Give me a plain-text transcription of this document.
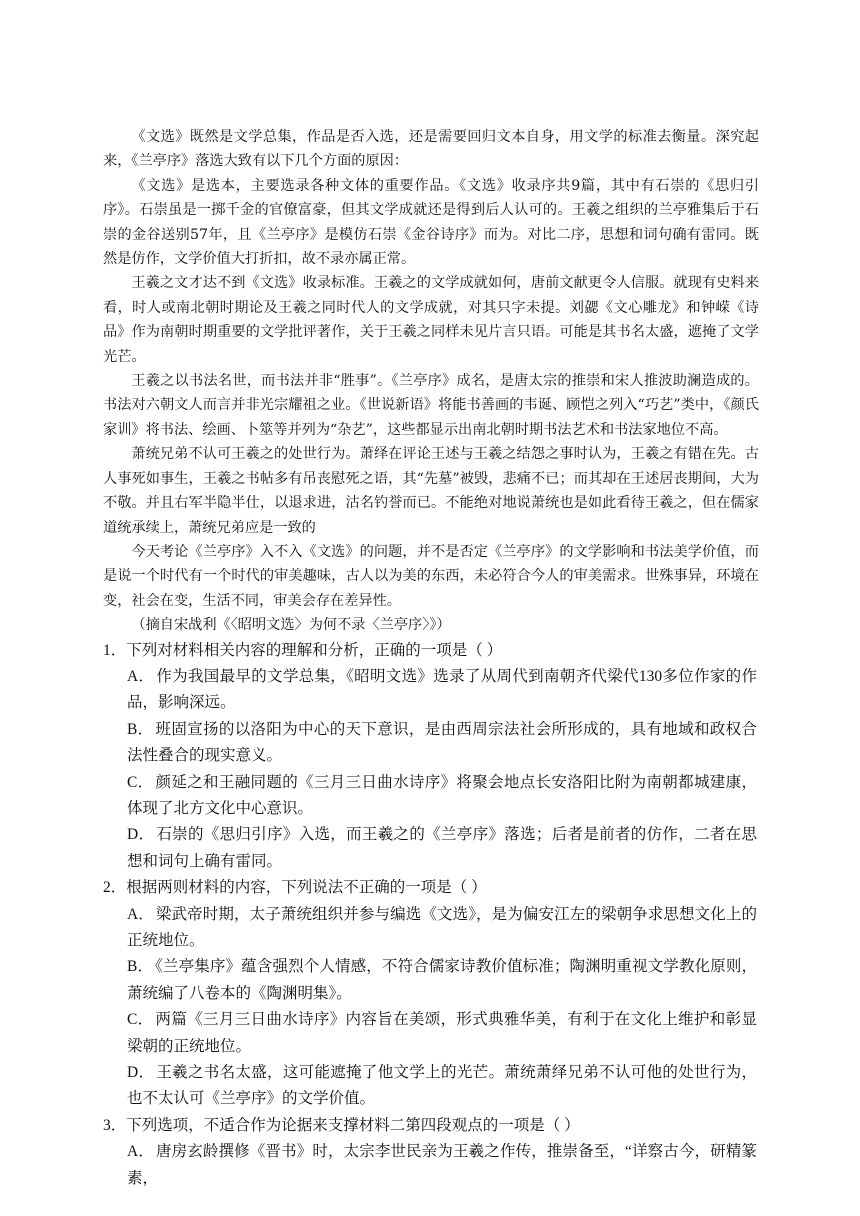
《文选》既然是文学总集，作品是否入选，还是需要回归文本自身，用文学的标准去衡量。深究起来，《兰亭序》落选大致有以下几个方面的原因：

《文选》是选本，主要选录各种文体的重要作品。《文选》收录序共9篇，其中有石崇的《思归引序》。石崇虽是一掷千金的官僚富豪，但其文学成就还是得到后人认可的。王羲之组织的兰亭雅集后于石崇的金谷送别57年，且《兰亭序》是模仿石崇《金谷诗序》而为。对比二序，思想和词句确有雷同。既然是仿作，文学价值大打折扣，故不录亦属正常。

王羲之文才达不到《文选》收录标准。王羲之的文学成就如何，唐前文献更令人信服。就现有史料来看，时人或南北朝时期论及王羲之同时代人的文学成就，对其只字未提。刘勰《文心雕龙》和钟嵘《诗品》作为南朝时期重要的文学批评著作，关于王羲之同样未见片言只语。可能是其书名太盛，遮掩了文学光芒。

王羲之以书法名世，而书法并非“胜事”。《兰亭序》成名，是唐太宗的推崇和宋人推波助澜造成的。书法对六朝文人而言并非光宗耀祖之业。《世说新语》将能书善画的韦诞、顾恺之列入“巧艺”类中，《颜氏家训》将书法、绘画、卜筮等并列为“杂艺”，这些都显示出南北朝时期书法艺术和书法家地位不高。

萧统兄弟不认可王羲之的处世行为。萧绎在评论王述与王羲之结怨之事时认为，王羲之有错在先。古人事死如事生，王羲之书帖多有吊丧慰死之语，其“先墓”被毁，悲痛不已；而其却在王述居丧期间，大为不敬。并且右军半隐半仕，以退求进，沽名钓誉而已。不能绝对地说萧统也是如此看待王羲之，但在儒家道统承续上，萧统兄弟应是一致的

今天考论《兰亭序》入不入《文选》的问题，并不是否定《兰亭序》的文学影响和书法美学价值，而是说一个时代有一个时代的审美趣味，古人以为美的东西，未必符合今人的审美需求。世殊事异，环境在变，社会在变，生活不同，审美会存在差异性。

（摘自宋战利《〈昭明文选〉为何不录〈兰亭序〉》）

1．下列对材料相关内容的理解和分析，正确的一项是（ ）

A． 作为我国最早的文学总集，《昭明文选》选录了从周代到南朝齐代梁代130多位作家的作品，影响深远。

B． 班固宣扬的以洛阳为中心的天下意识，是由西周宗法社会所形成的，具有地域和政权合法性叠合的现实意义。

C． 颜延之和王融同题的《三月三日曲水诗序》将聚会地点长安洛阳比附为南朝都城建康，体现了北方文化中心意识。

D． 石崇的《思归引序》入选，而王羲之的《兰亭序》落选；后者是前者的仿作，二者在思想和词句上确有雷同。

2．根据两则材料的内容，下列说法不正确的一项是（ ）

A． 梁武帝时期，太子萧统组织并参与编选《文选》，是为偏安江左的梁朝争求思想文化上的正统地位。

B． 《兰亭集序》蕴含强烈个人情感，不符合儒家诗教价值标准；陶渊明重视文学教化原则，萧统编了八卷本的《陶渊明集》。

C． 两篇《三月三日曲水诗序》内容旨在美颂，形式典雅华美，有利于在文化上维护和彰显梁朝的正统地位。

D． 王羲之书名太盛，这可能遮掩了他文学上的光芒。萧统萧绎兄弟不认可他的处世行为，也不太认可《兰亭序》的文学价值。

3．下列选项，不适合作为论据来支撑材料二第四段观点的一项是（ ）

A． 唐房玄龄撰修《晋书》时，太宗李世民亲为王羲之作传，推崇备至，“详察古今，研精篆素，
